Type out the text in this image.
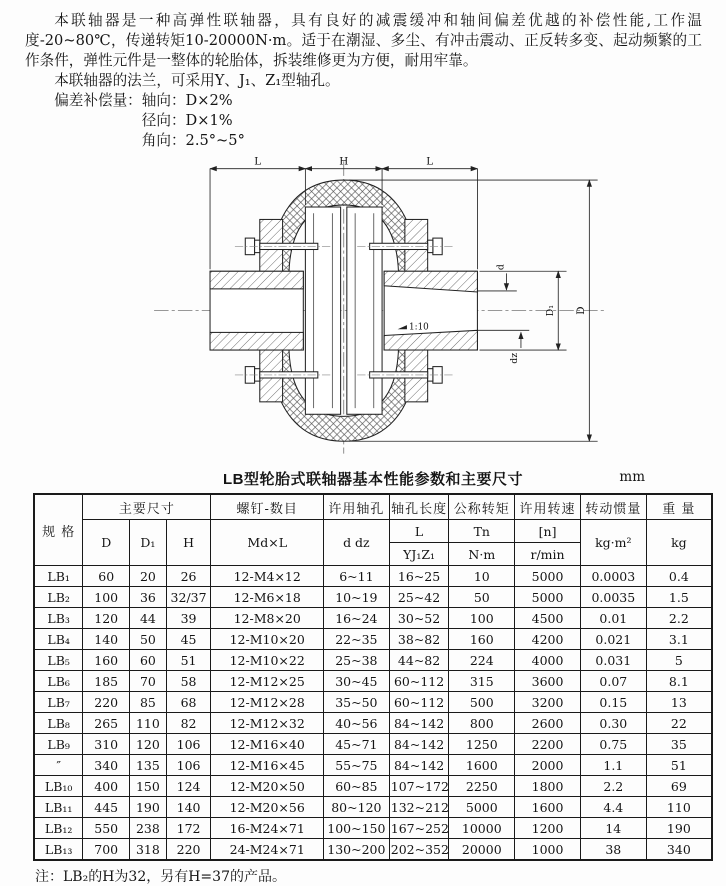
本联轴器是一种高弹性联轴器，具有良好的减震缓冲和轴间偏差优越的补偿性能,工作温度-20~80℃，传递转矩10-20000N·m。适于在潮湿、多尘、有冲击震动、正反转多变、起动频繁的工作条件，弹性元件是一整体的轮胎体，拆装维修更为方便，耐用牢靠。

本联轴器的法兰，可采用Y、J₁、Z₁型轴孔。

偏差补偿量： 轴向：D×2%
径向：D×1%
角向：2.5°~5°
1:10
L	H	L
d
dz
D₁ D
LB型轮胎式联轴器基本性能参数和主要尺寸	mm
规 格	主要尺寸			螺钉-数目	许用轴孔	轴孔长度	公称转矩	许用转速	转动惯量	重 量
	D	D₁	H	Md×L	d dz	L	Tn	[n]	kg·m²	kg
						YJ₁Z₁	N·m	r/min		
LB₁	60	20	26	12-M4×12	6~11	16~25	10	5000	0.0003	0.4
LB₂	100	36	32/37	12-M6×18	10~19	25~42	50	5000	0.0035	1.5
LB₃	120	44	39	12-M8×20	16~24	30~52	100	4500	0.01	2.2
LB₄	140	50	45	12-M10×20	22~35	38~82	160	4200	0.021	3.1
LB₅	160	60	51	12-M10×22	25~38	44~82	224	4000	0.031	5
LB₆	185	70	58	12-M12×25	30~45	60~112	315	3600	0.07	8.1
LB₇	220	85	68	12-M12×28	35~50	60~112	500	3200	0.15	13
LB₈	265	110	82	12-M12×32	40~56	84~142	800	2600	0.30	22
LB₉	310	120	106	12-M16×40	45~71	84~142	1250	2200	0.75	35
″	340	135	106	12-M16×45	55~75	84~142	1600	2000	1.1	51
LB₁₀	400	150	124	12-M20×50	60~85	107~172	2250	1800	2.2	69
LB₁₁	445	190	140	12-M20×56	80~120	132~212	5000	1600	4.4	110
LB₁₂	550	238	172	16-M24×71	100~150	167~252	10000	1200	14	190
LB₁₃	700	318	220	24-M24×71	130~200	202~352	20000	1000	38	340

注：LB₂的H为32，另有H=37的产品。
